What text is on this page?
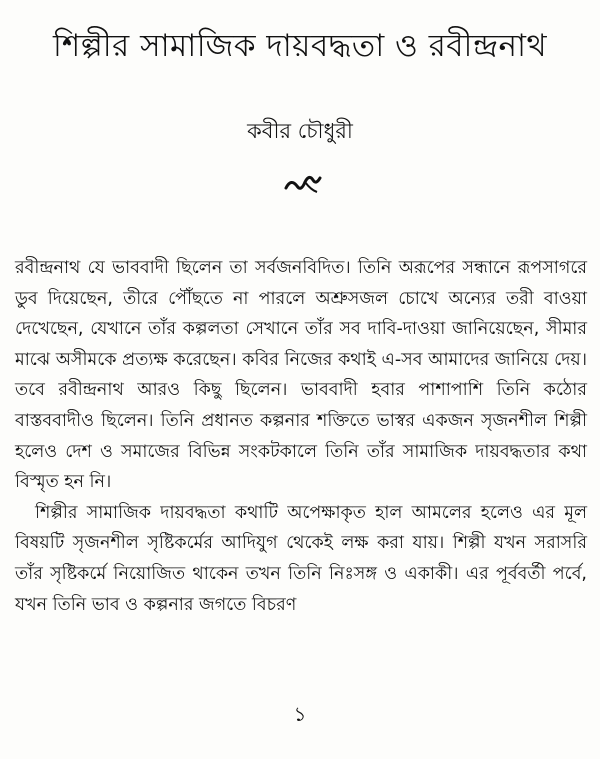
শিল্পীর সামাজিক দায়বদ্ধতা ও রবীন্দ্রনাথ
কবীর চৌধুরী

রবীন্দ্রনাথ যে ভাববাদী ছিলেন তা সর্বজনবিদিত। তিনি অরূপের সন্ধানে রূপসাগরে ডুব দিয়েছেন, তীরে পৌঁছতে না পারলে অশ্রুসজল চোখে অন্যের তরী বাওয়া দেখেছেন, যেখানে তাঁর কল্পলতা সেখানে তাঁর সব দাবি-দাওয়া জানিয়েছেন, সীমার মাঝে অসীমকে প্রত্যক্ষ করেছেন। কবির নিজের কথাই এ-সব আমাদের জানিয়ে দেয়। তবে রবীন্দ্রনাথ আরও কিছু ছিলেন। ভাববাদী হবার পাশাপাশি তিনি কঠোর বাস্তববাদীও ছিলেন। তিনি প্রধানত কল্পনার শক্তিতে ভাস্বর একজন সৃজনশীল শিল্পী হলেও দেশ ও সমাজের বিভিন্ন সংকটকালে তিনি তাঁর সামাজিক দায়বদ্ধতার কথা বিস্মৃত হন নি।

শিল্পীর সামাজিক দায়বদ্ধতা কথাটি অপেক্ষাকৃত হাল আমলের হলেও এর মূল বিষয়টি সৃজনশীল সৃষ্টিকর্মের আদিযুগ থেকেই লক্ষ করা যায়। শিল্পী যখন সরাসরি তাঁর সৃষ্টিকর্মে নিয়োজিত থাকেন তখন তিনি নিঃসঙ্গ ও একাকী। এর পূর্ববর্তী পর্বে, যখন তিনি ভাব ও কল্পনার জগতে বিচরণ

১
